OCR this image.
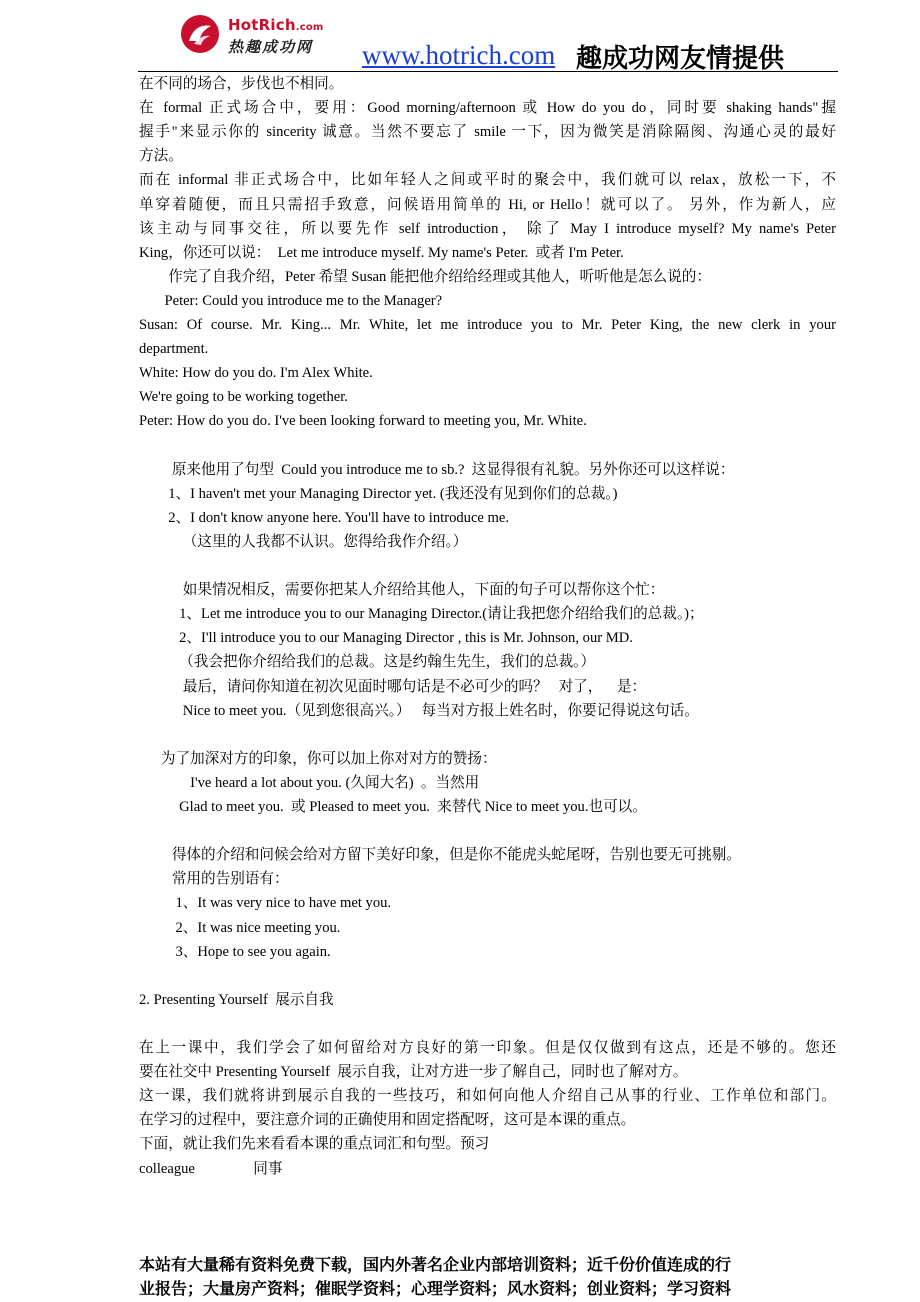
HotRich.com
热趣成功网 www.hotrich.com 趣成功网友情提供
在不同的场合，步伐也不相同。
在 formal 正式场合中，要用：Good morning/afternoon 或 How do you do，同时要 shaking hands"握
握手"来显示你的 sincerity 诚意。当然不要忘了 smile 一下，因为微笑是消除隔阂、沟通心灵的最好
方法。
而在 informal 非正式场合中，比如年轻人之间或平时的聚会中，我们就可以 relax，放松一下，不
单穿着随便，而且只需招手致意，问候语用简单的 Hi, or Hello！就可以了。 另外，作为新人，应
该主动与同事交往，所以要先作 self introduction， 除了 May I introduce myself? My name's Peter
King，你还可以说：  Let me introduce myself. My name's Peter.  或者 I'm Peter.
作完了自我介绍，Peter 希望 Susan 能把他介绍给经理或其他人，听听他是怎么说的：
Peter: Could you introduce me to the Manager?
Susan: Of course. Mr. King... Mr. White, let me introduce you to Mr. Peter King, the new clerk in your
department.
White: How do you do. I'm Alex White.
We're going to be working together.
Peter: How do you do. I've been looking forward to meeting you, Mr. White.
原来他用了句型  Could you introduce me to sb.?  这显得很有礼貌。另外你还可以这样说：
1、I haven't met your Managing Director yet. (我还没有见到你们的总裁。)
2、I don't know anyone here. You'll have to introduce me.
（这里的人我都不认识。您得给我作介绍。）
如果情况相反，需要你把某人介绍给其他人，下面的句子可以帮你这个忙：
1、Let me introduce you to our Managing Director.(请让我把您介绍给我们的总裁。)；
2、I'll introduce you to our Managing Director , this is Mr. Johnson, our MD.
（我会把你介绍给我们的总裁。这是约翰生先生，我们的总裁。）
最后，请问你知道在初次见面时哪句话是不必可少的吗？   对了，    是：
Nice to meet you.（见到您很高兴。）   每当对方报上姓名时，你要记得说这句话。
为了加深对方的印象，你可以加上你对对方的赞扬：
I've heard a lot about you. (久闻大名)  。当然用
Glad to meet you.  或 Pleased to meet you.  来替代 Nice to meet you.也可以。
得体的介绍和问候会给对方留下美好印象，但是你不能虎头蛇尾呀，告别也要无可挑剔。
常用的告别语有：
1、It was very nice to have met you.
2、It was nice meeting you.
3、Hope to see you again.
2. Presenting Yourself  展示自我
在上一课中，我们学会了如何留给对方良好的第一印象。但是仅仅做到有这点，还是不够的。您还
要在社交中 Presenting Yourself  展示自我，让对方进一步了解自己，同时也了解对方。
这一课，我们就将讲到展示自我的一些技巧，和如何向他人介绍自己从事的行业、工作单位和部门。
在学习的过程中，要注意介词的正确使用和固定搭配呀，这可是本课的重点。
下面，就让我们先来看看本课的重点词汇和句型。预习
colleague                同事
本站有大量稀有资料免费下载，国内外著名企业内部培训资料；近千份价值连成的行
业报告；大量房产资料；催眠学资料；心理学资料；风水资料；创业资料；学习资料
